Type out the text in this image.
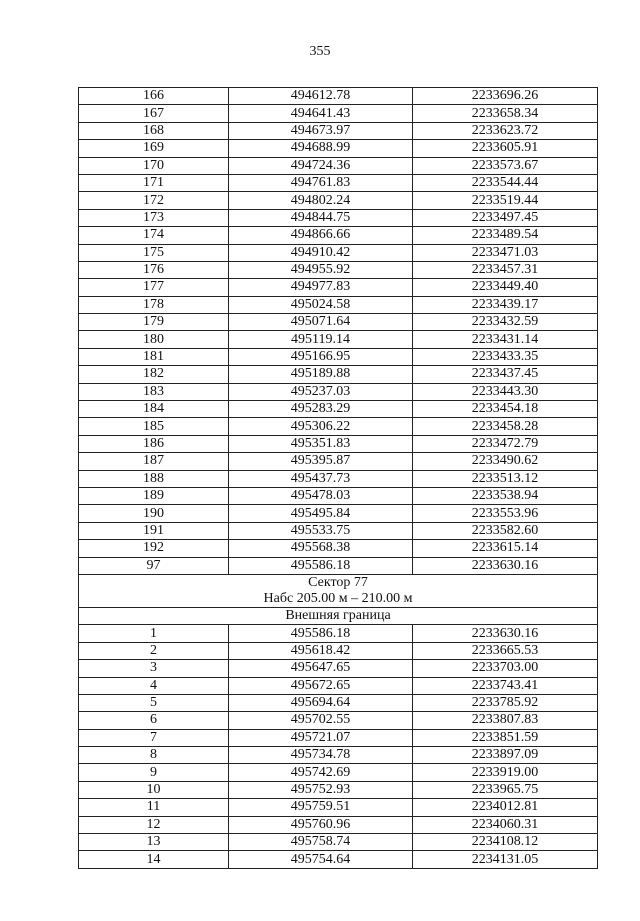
355
166	494612.78	2233696.26
167	494641.43	2233658.34
168	494673.97	2233623.72
169	494688.99	2233605.91
170	494724.36	2233573.67
171	494761.83	2233544.44
172	494802.24	2233519.44
173	494844.75	2233497.45
174	494866.66	2233489.54
175	494910.42	2233471.03
176	494955.92	2233457.31
177	494977.83	2233449.40
178	495024.58	2233439.17
179	495071.64	2233432.59
180	495119.14	2233431.14
181	495166.95	2233433.35
182	495189.88	2233437.45
183	495237.03	2233443.30
184	495283.29	2233454.18
185	495306.22	2233458.28
186	495351.83	2233472.79
187	495395.87	2233490.62
188	495437.73	2233513.12
189	495478.03	2233538.94
190	495495.84	2233553.96
191	495533.75	2233582.60
192	495568.38	2233615.14
97	495586.18	2233630.16

Сектор 77
Набс 205.00 м – 210.00 м		

Внешняя граница		
1	495586.18	2233630.16
2	495618.42	2233665.53
3	495647.65	2233703.00
4	495672.65	2233743.41
5	495694.64	2233785.92
6	495702.55	2233807.83
7	495721.07	2233851.59
8	495734.78	2233897.09
9	495742.69	2233919.00
10	495752.93	2233965.75
11	495759.51	2234012.81
12	495760.96	2234060.31
13	495758.74	2234108.12
14	495754.64	2234131.05
